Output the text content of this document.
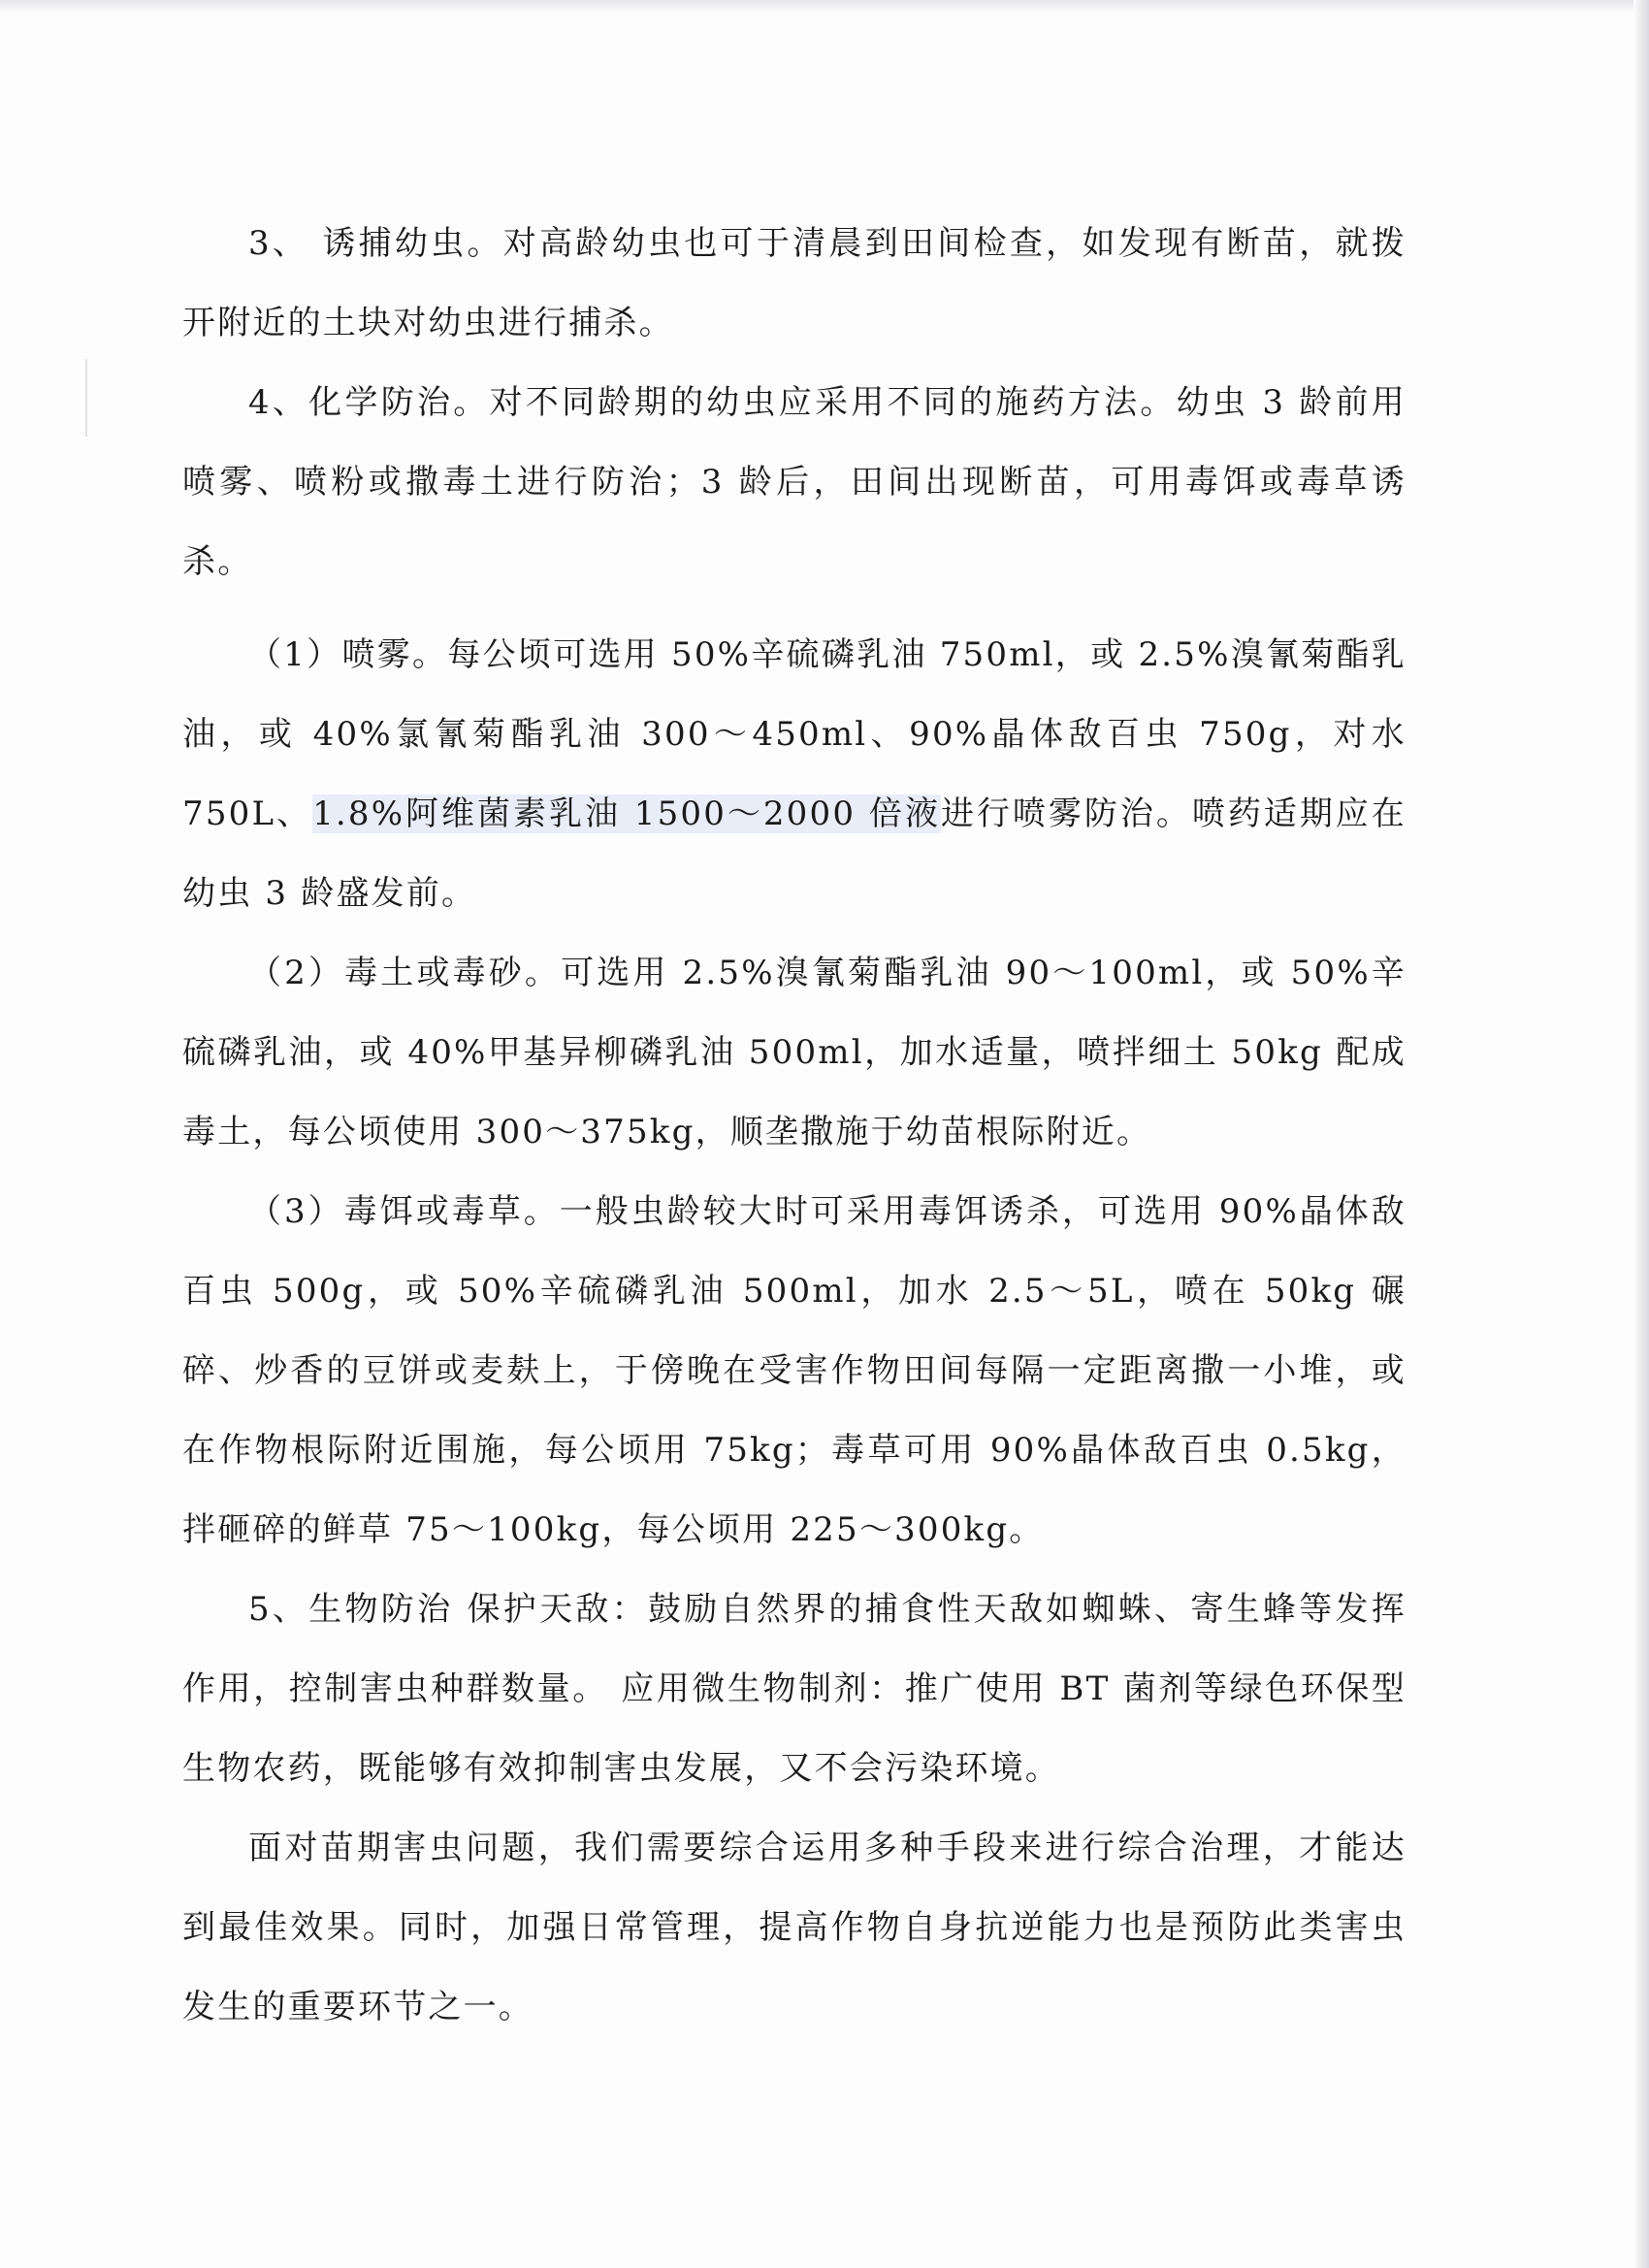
3、 诱捕幼虫。对高龄幼虫也可于清晨到田间检查，如发现有断苗，就拨开附近的土块对幼虫进行捕杀。

4、化学防治。对不同龄期的幼虫应采用不同的施药方法。幼虫 3 龄前用喷雾、喷粉或撒毒土进行防治；3 龄后，田间出现断苗，可用毒饵或毒草诱杀。

（1）喷雾。每公顷可选用 50%辛硫磷乳油 750ml，或 2.5%溴氰菊酯乳油，或 40%氯氰菊酯乳油 300～450ml、90%晶体敌百虫 750g，对水 750L、1.8%阿维菌素乳油 1500～2000 倍液进行喷雾防治。喷药适期应在幼虫 3 龄盛发前。

（2）毒土或毒砂。可选用 2.5%溴氰菊酯乳油 90～100ml，或 50%辛硫磷乳油，或 40%甲基异柳磷乳油 500ml，加水适量，喷拌细土 50kg 配成毒土，每公顷使用 300～375kg，顺垄撒施于幼苗根际附近。

（3）毒饵或毒草。一般虫龄较大时可采用毒饵诱杀，可选用 90%晶体敌百虫 500g，或 50%辛硫磷乳油 500ml，加水 2.5～5L，喷在 50kg 碾碎、炒香的豆饼或麦麸上，于傍晚在受害作物田间每隔一定距离撒一小堆，或在作物根际附近围施，每公顷用 75kg；毒草可用 90%晶体敌百虫 0.5kg，拌砸碎的鲜草 75～100kg，每公顷用 225～300kg。

5、生物防治 保护天敌：鼓励自然界的捕食性天敌如蜘蛛、寄生蜂等发挥作用，控制害虫种群数量。 应用微生物制剂：推广使用 BT 菌剂等绿色环保型生物农药，既能够有效抑制害虫发展，又不会污染环境。

面对苗期害虫问题，我们需要综合运用多种手段来进行综合治理，才能达到最佳效果。同时，加强日常管理，提高作物自身抗逆能力也是预防此类害虫发生的重要环节之一。
